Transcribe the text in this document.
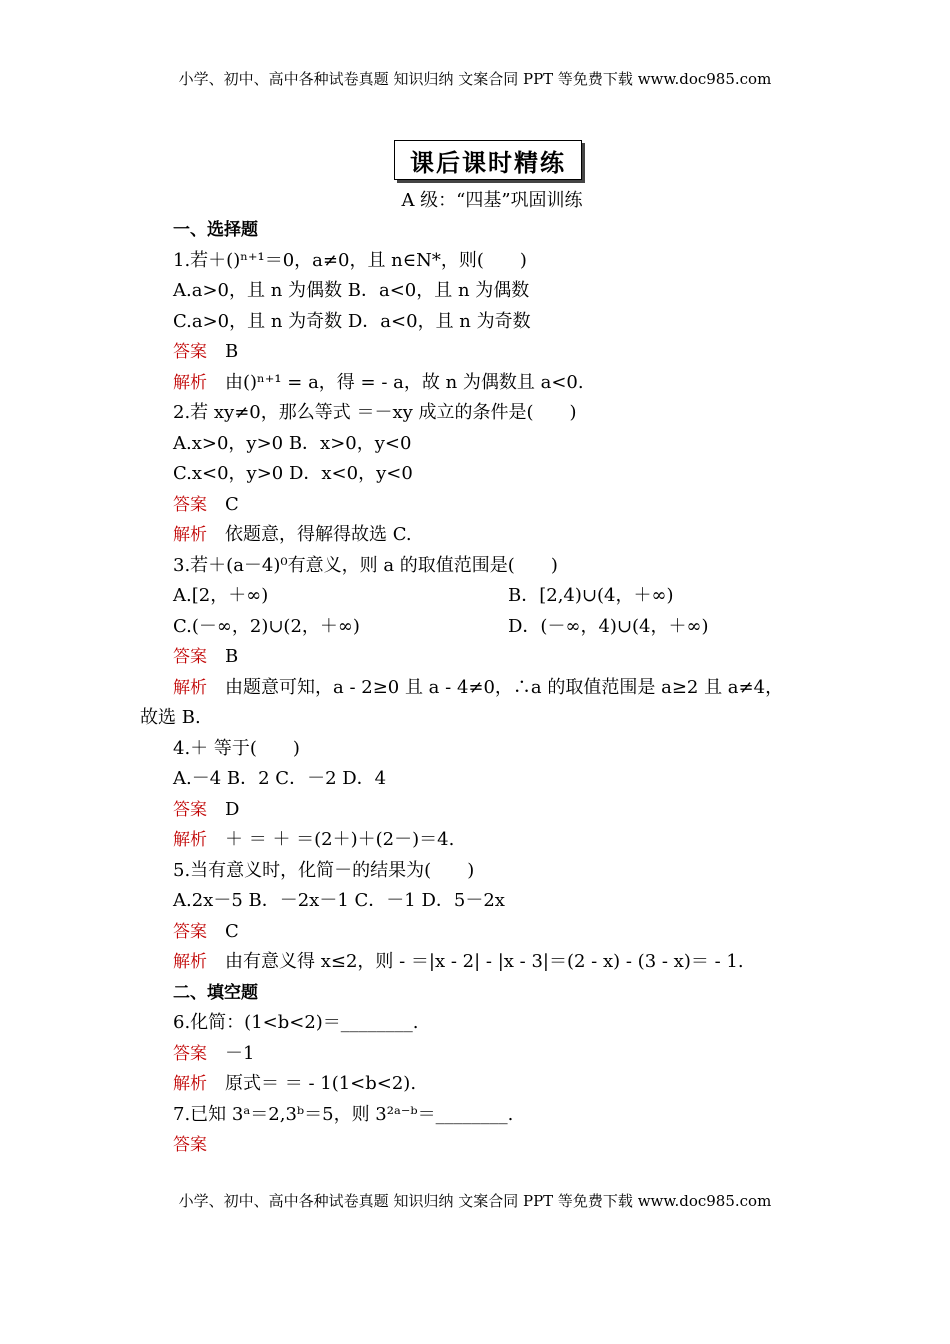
小学、初中、高中各种试卷真题 知识归纳 文案合同 PPT 等免费下载 www.doc985.com
课后课时精练
A 级：“四基”巩固训练
一、选择题
1.若＋()ⁿ⁺¹＝0，a≠0，且 n∈N*，则(　　)
A.a>0，且 n 为偶数 B．a<0，且 n 为偶数
C.a>0，且 n 为奇数 D．a<0，且 n 为奇数
答案 B
解析 由()ⁿ⁺¹ = a，得 = - a，故 n 为偶数且 a<0.
2.若 xy≠0，那么等式 ＝－xy 成立的条件是(　　)
A.x>0，y>0 B．x>0，y<0
C.x<0，y>0 D．x<0，y<0
答案 C
解析 依题意，得解得故选 C.
3.若＋(a－4)⁰有意义，则 a 的取值范围是(　　)
A.[2，＋∞)	B．[2,4)∪(4，＋∞)
C.(－∞，2)∪(2，＋∞)	D．(－∞，4)∪(4，＋∞)
答案 B
解析 由题意可知，a - 2≥0 且 a - 4≠0，∴a 的取值范围是 a≥2 且 a≠4，
故选 B.
4.＋ 等于(　　)
A.－4 B．2 C．－2 D．4
答案 D
解析 ＋ ＝ ＋ ＝(2＋)＋(2－)＝4.
5.当有意义时，化简－的结果为(　　)
A.2x－5 B．－2x－1 C．－1 D．5－2x
答案 C
解析 由有意义得 x≤2，则 - ＝|x - 2| - |x - 3|＝(2 - x) - (3 - x)＝ - 1.
二、填空题
6.化简：(1<b<2)＝________.
答案 －1
解析 原式＝ ＝ - 1(1<b<2).
7.已知 3ᵃ＝2,3ᵇ＝5，则 3²ᵃ⁻ᵇ＝________.
答案
小学、初中、高中各种试卷真题 知识归纳 文案合同 PPT 等免费下载 www.doc985.com
